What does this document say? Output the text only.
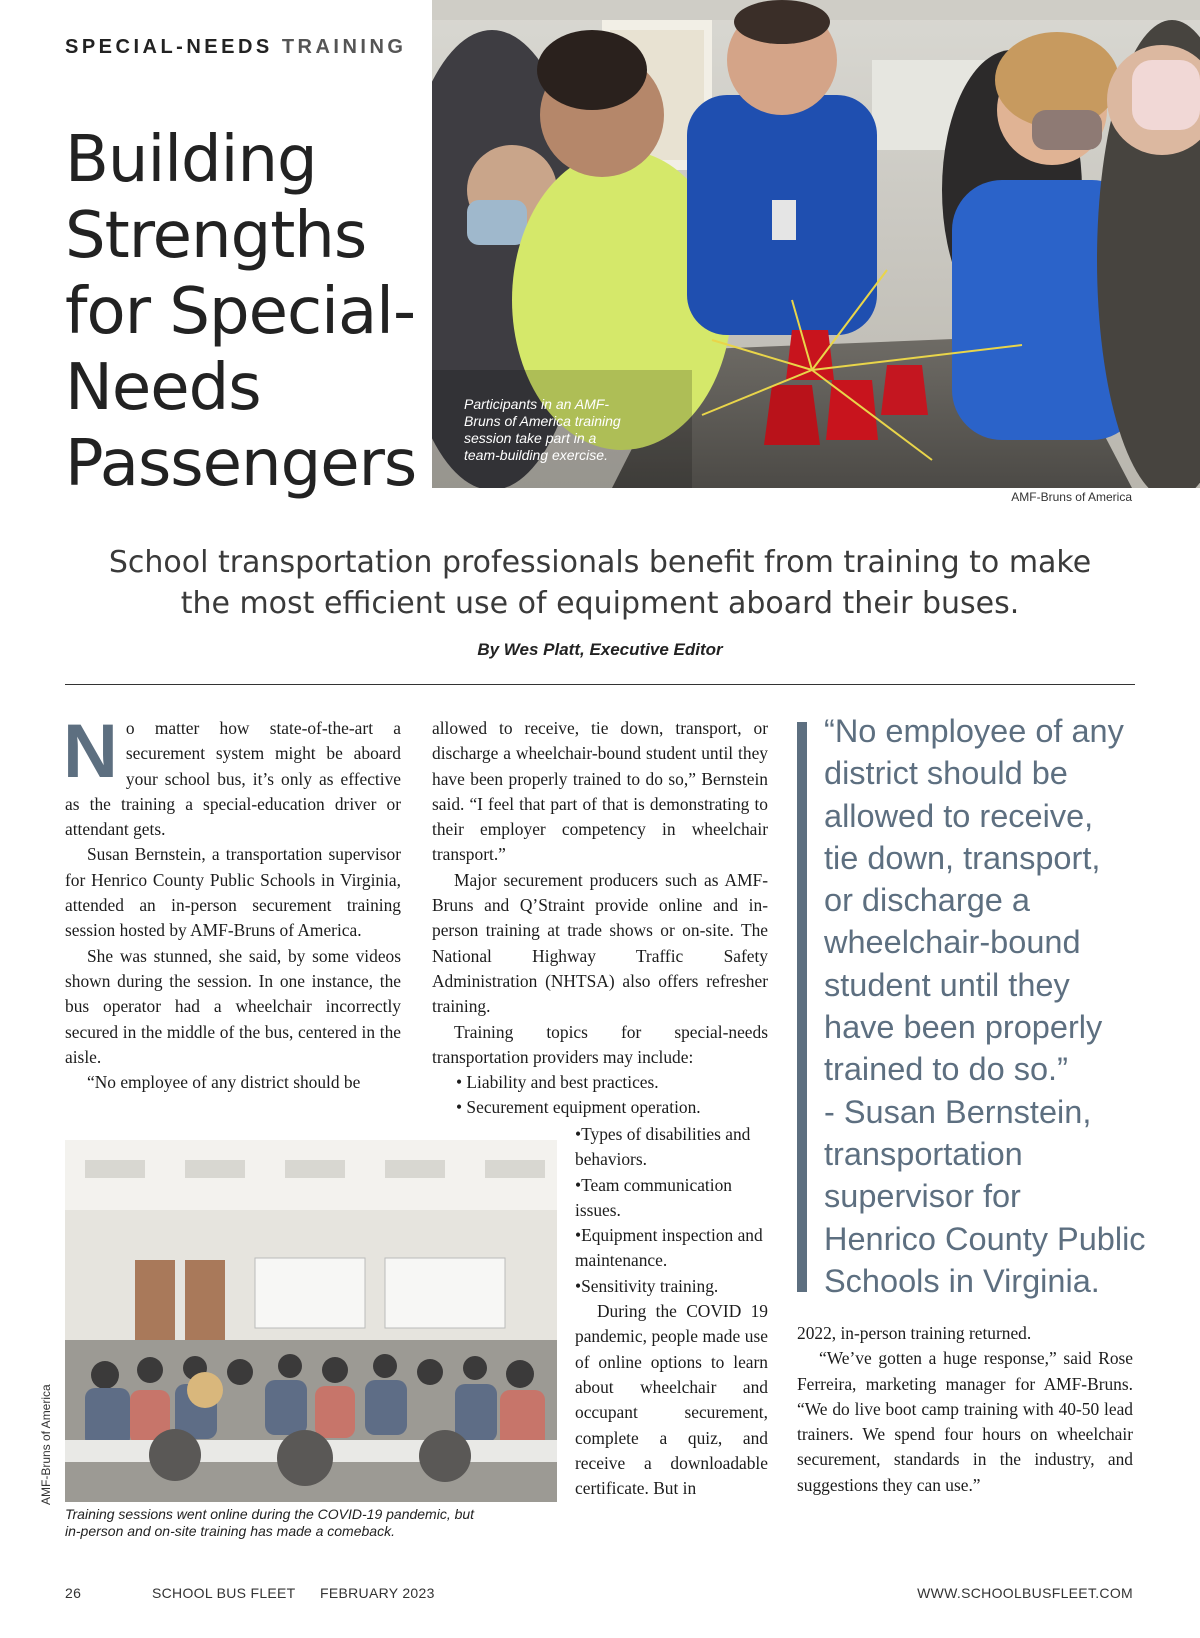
SPECIAL-NEEDS TRAINING
Building
Strengths
for Special-
Needs
Passengers
Participants in an AMF-
Bruns of America training
session take part in a
team-building exercise.
AMF-Bruns of America
School transportation professionals benefit from training to make
the most efficient use of equipment aboard their buses.
By Wes Platt, Executive Editor

No matter how state-of-the-art a securement system might be aboard your school bus, it’s only as effective as the training a special-education driver or attendant gets.

Susan Bernstein, a transportation supervisor for Henrico County Public Schools in Virginia, attended an in-person securement training session hosted by AMF-Bruns of America.

She was stunned, she said, by some videos shown during the session. In one instance, the bus operator had a wheelchair incorrectly secured in the middle of the bus, centered in the aisle.

“No employee of any district should be

allowed to receive, tie down, transport, or discharge a wheelchair-bound student until they have been properly trained to do so,” Bernstein said. “I feel that part of that is demonstrating to their employer competency in wheelchair transport.”

Major securement producers such as AMF-Bruns and Q’Straint provide online and in-person training at trade shows or on-site. The National Highway Traffic Safety Administration (NHTSA) also offers refresher training.

Training topics for special-needs transportation providers may include:

• Liability and best practices.

• Securement equipment operation.

•Types of disabilities and behaviors.

•Team communication issues.

•Equipment inspection and maintenance.

•Sensitivity training.

During the COVID 19 pandemic, people made use of online options to learn about wheelchair and occupant securement, complete a quiz, and receive a downloadable certificate. But in

“No employee of any
district should be
allowed to receive,
tie down, transport,
or discharge a
wheelchair-bound
student until they
have been properly
trained to do so.”
- Susan Bernstein,
transportation
supervisor for
Henrico County Public
Schools in Virginia.

2022, in-person training returned.

“We’ve gotten a huge response,” said Rose Ferreira, marketing manager for AMF-Bruns. “We do live boot camp training with 40-50 lead trainers. We spend four hours on wheelchair securement, standards in the industry, and suggestions they can use.”

AMF-Bruns of America
Training sessions went online during the COVID-19 pandemic, but
in-person and on-site training has made a comeback.
26	SCHOOL BUS FLEET FEBRUARY 2023	WWW.SCHOOLBUSFLEET.COM
